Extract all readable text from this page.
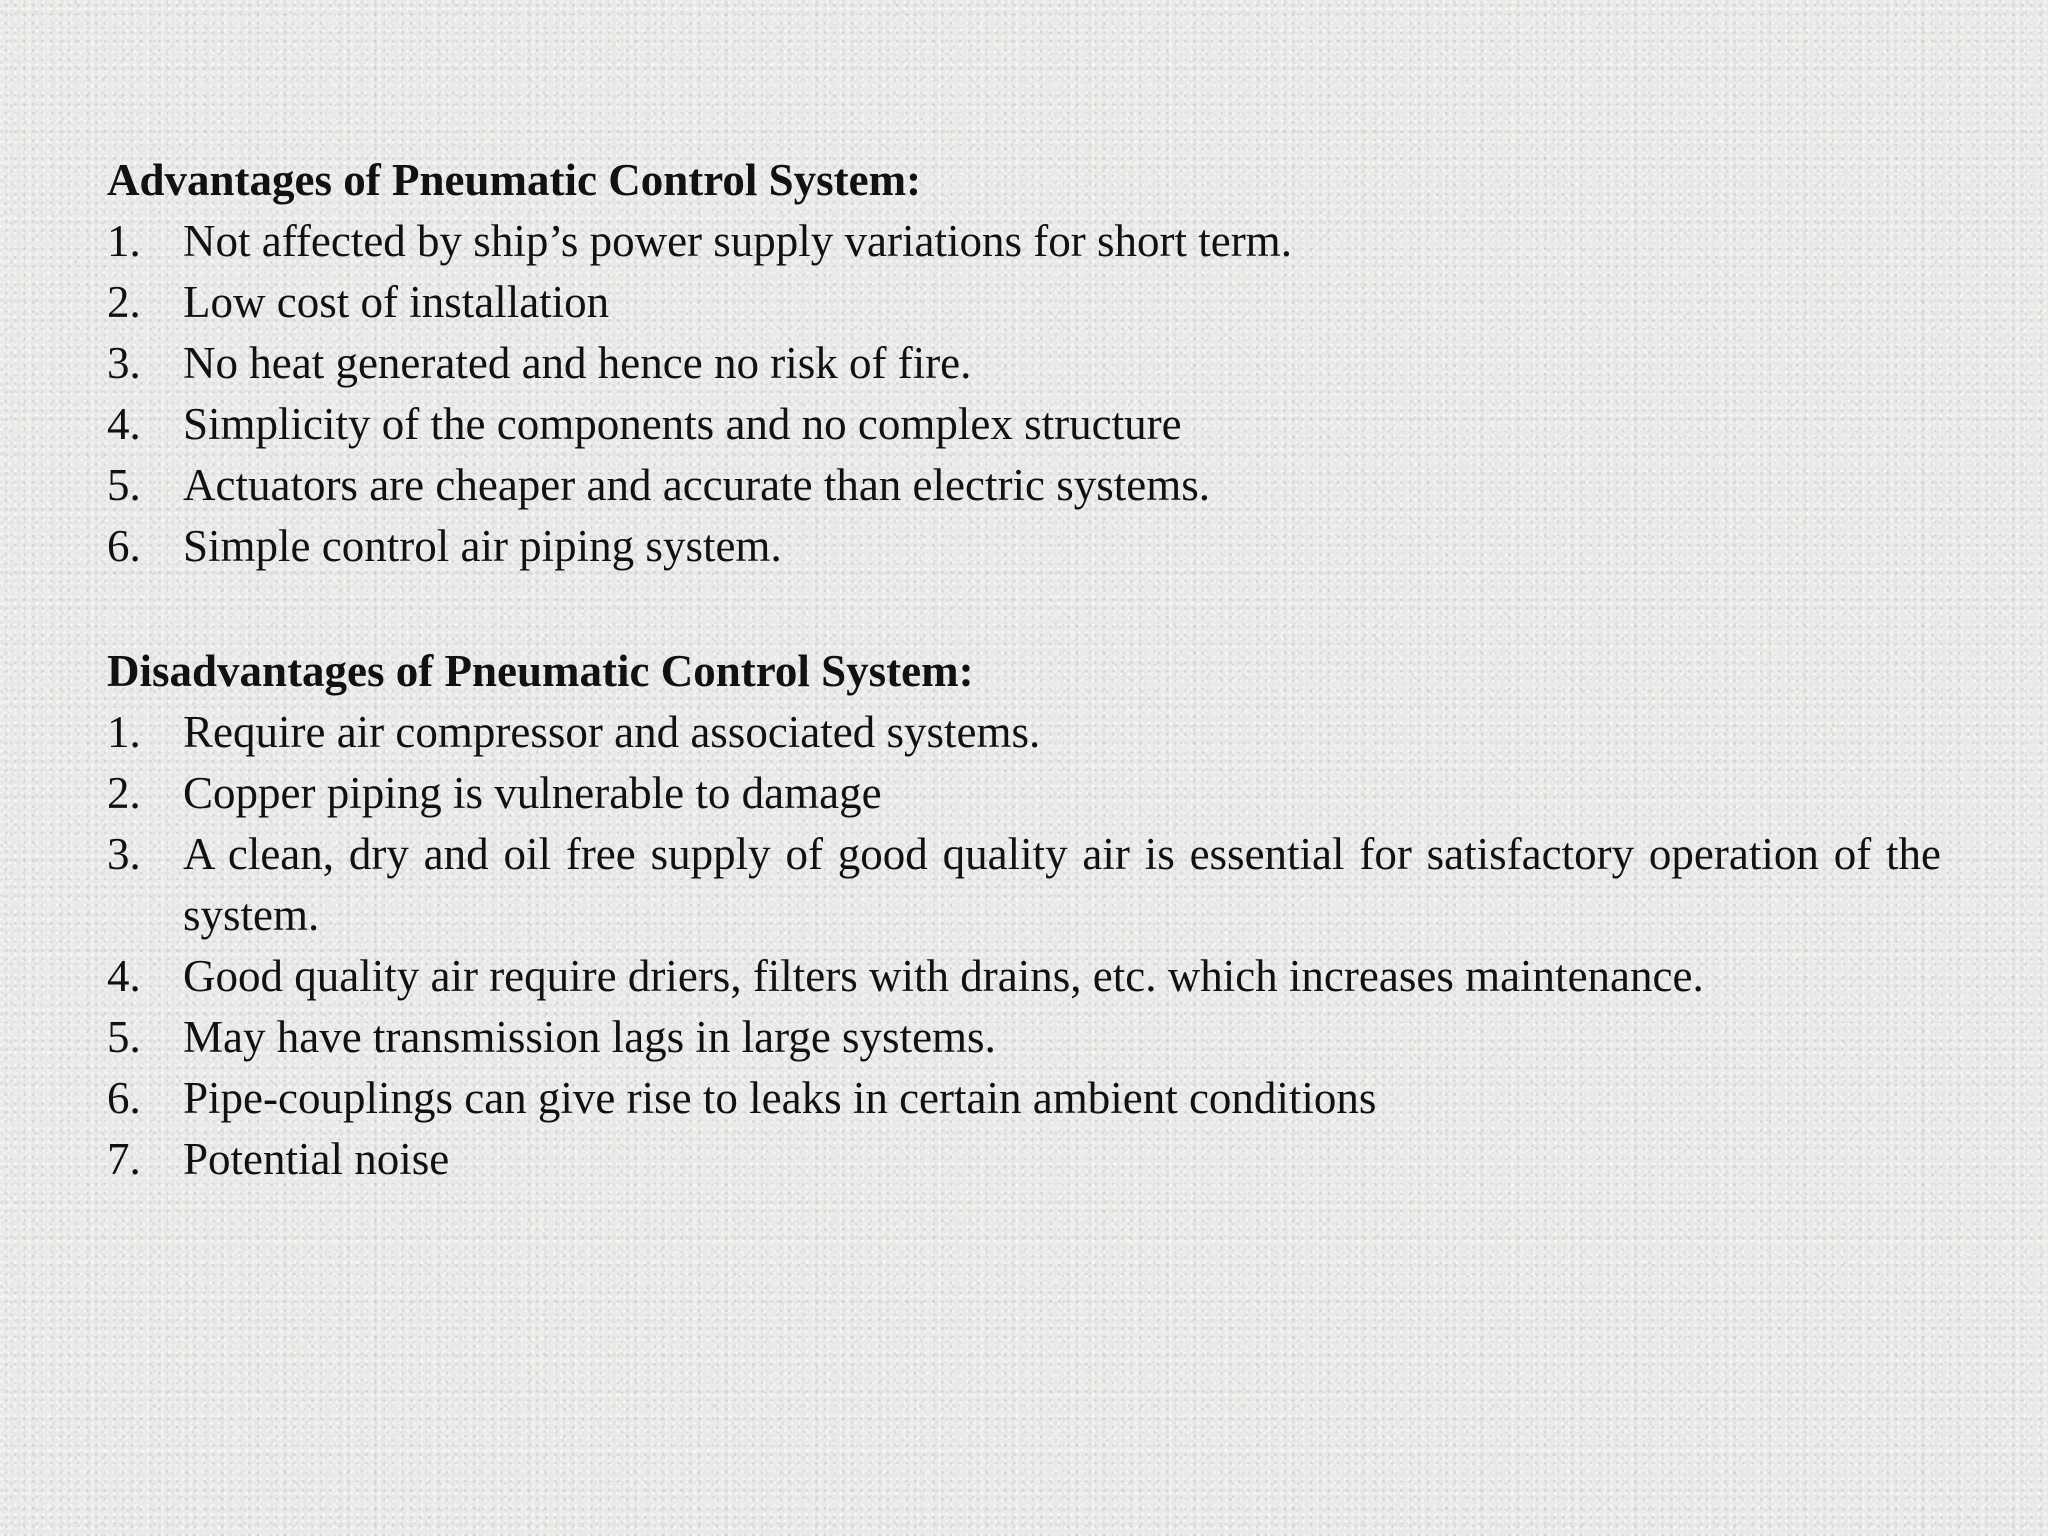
Advantages of Pneumatic Control System:
1. Not affected by ship’s power supply variations for short term.
2. Low cost of installation
3. No heat generated and hence no risk of fire.
4. Simplicity of the components and no complex structure
5. Actuators are cheaper and accurate than electric systems.
6. Simple control air piping system.
Disadvantages of Pneumatic Control System:
1. Require air compressor and associated systems.
2. Copper piping is vulnerable to damage
3. A clean, dry and oil free supply of good quality air is essential for satisfactory operation of the system.
4. Good quality air require driers, filters with drains, etc. which increases maintenance.
5. May have transmission lags in large systems.
6. Pipe-couplings can give rise to leaks in certain ambient conditions
7. Potential noise
